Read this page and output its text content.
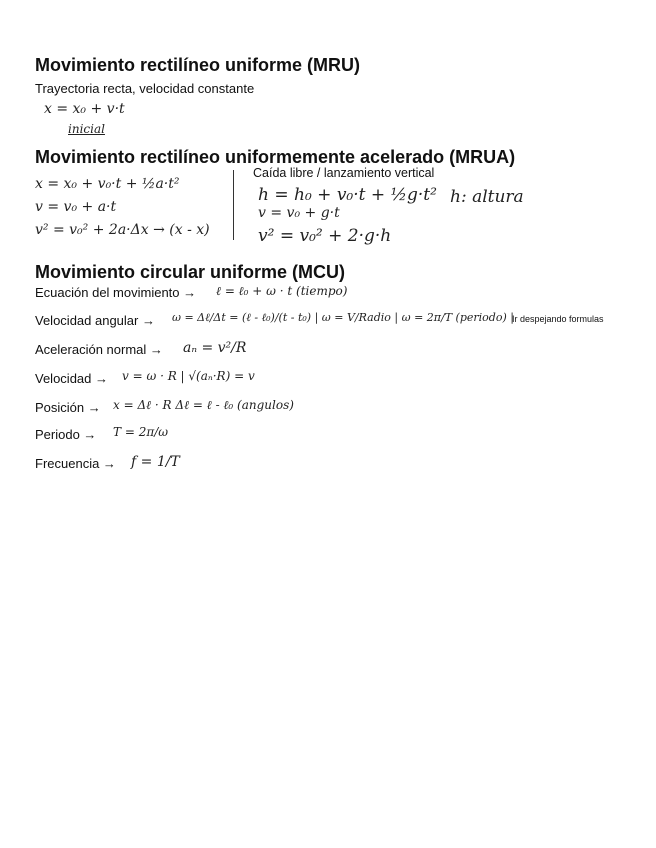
Movimiento rectilíneo uniforme (MRU)
Trayectoria recta, velocidad constante
x = x₀ + v·t
inicial
Movimiento rectilíneo uniformemente acelerado (MRUA)
x = x₀ + v₀·t + ½a·t²
v = v₀ + a·t
v² = v₀² + 2a·Δx → (x - x)
Caída libre / lanzamiento vertical
h = h₀ + v₀·t + ½g·t² h: altura
v = v₀ + g·t
v² = v₀² + 2·g·h
Movimiento circular uniforme (MCU)
Ecuación del movimiento → ℓ = ℓ₀ + ω · t (tiempo)
Velocidad angular → ω = Δℓ/Δt = (ℓ - ℓ₀)/(t - t₀) | ω = V/Radio | ω = 2π/T (periodo) |
Ir despejando formulas
Aceleración normal → aₙ = v²/R
Velocidad → v = ω · R | √(aₙ·R) = v
Posición → x = Δℓ · R Δℓ = ℓ - ℓ₀ (angulos)
Periodo → T = 2π/ω
Frecuencia → f = 1/T
